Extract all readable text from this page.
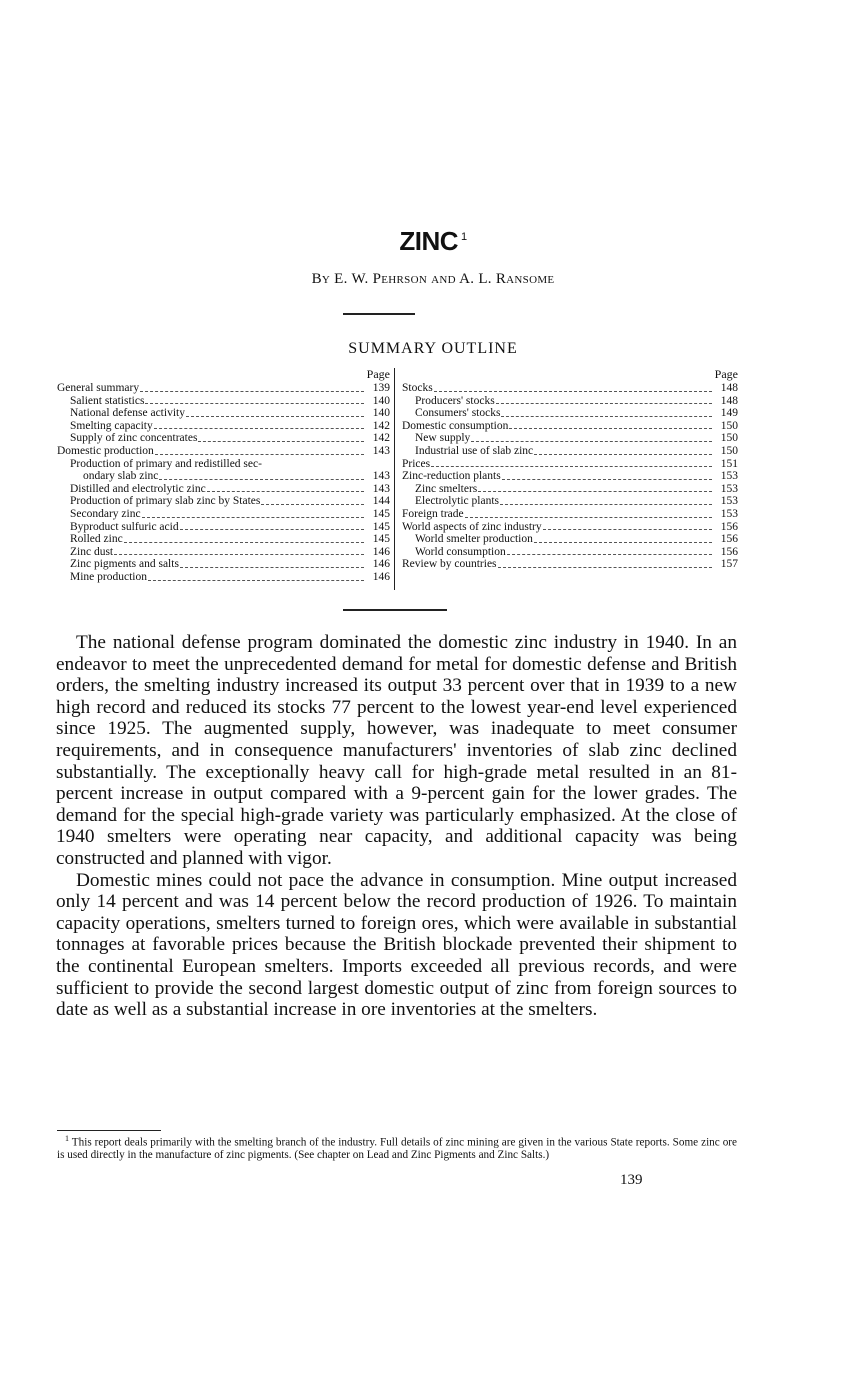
ZINC $^1$
By E. W. Pehrson and A. L. Ransome
SUMMARY OUTLINE
Page
General summary	139
Salient statistics	140
National defense activity	140
Smelting capacity	142
Supply of zinc concentrates	142
Domestic production	143
Production of primary and redistilled sec-
ondary slab zinc	143
Distilled and electrolytic zinc	143
Production of primary slab zinc by States	144
Secondary zinc	145
Byproduct sulfuric acid	145
Rolled zinc	145
Zinc dust	146
Zinc pigments and salts	146
Mine production	146
Page
Stocks	148
Producers' stocks	148
Consumers' stocks	149
Domestic consumption	150
New supply	150
Industrial use of slab zinc	150
Prices	151
Zinc-reduction plants	153
Zinc smelters	153
Electrolytic plants	153
Foreign trade	153
World aspects of zinc industry	156
World smelter production	156
World consumption	156
Review by countries	157

The national defense program dominated the domestic zinc industry in 1940. In an endeavor to meet the unprecedented demand for metal for domestic defense and British orders, the smelting industry increased its output 33 percent over that in 1939 to a new high record and reduced its stocks 77 percent to the lowest year-end level experienced since 1925. The augmented supply, however, was inadequate to meet consumer requirements, and in consequence manufacturers' inventories of slab zinc declined substantially. The exceptionally heavy call for high-grade metal resulted in an 81-percent increase in output compared with a 9-percent gain for the lower grades. The demand for the special high-grade variety was particularly emphasized. At the close of 1940 smelters were operating near capacity, and additional capacity was being constructed and planned with vigor.

Domestic mines could not pace the advance in consumption. Mine output increased only 14 percent and was 14 percent below the record production of 1926. To maintain capacity operations, smelters turned to foreign ores, which were available in substantial tonnages at favorable prices because the British blockade prevented their shipment to the continental European smelters. Imports exceeded all previous records, and were sufficient to provide the second largest domestic output of zinc from foreign sources to date as well as a substantial increase in ore inventories at the smelters.

$^1$ This report deals primarily with the smelting branch of the industry. Full details of zinc mining are given in the various State reports. Some zinc ore is used directly in the manufacture of zinc pigments. (See chapter on Lead and Zinc Pigments and Zinc Salts.)
139
